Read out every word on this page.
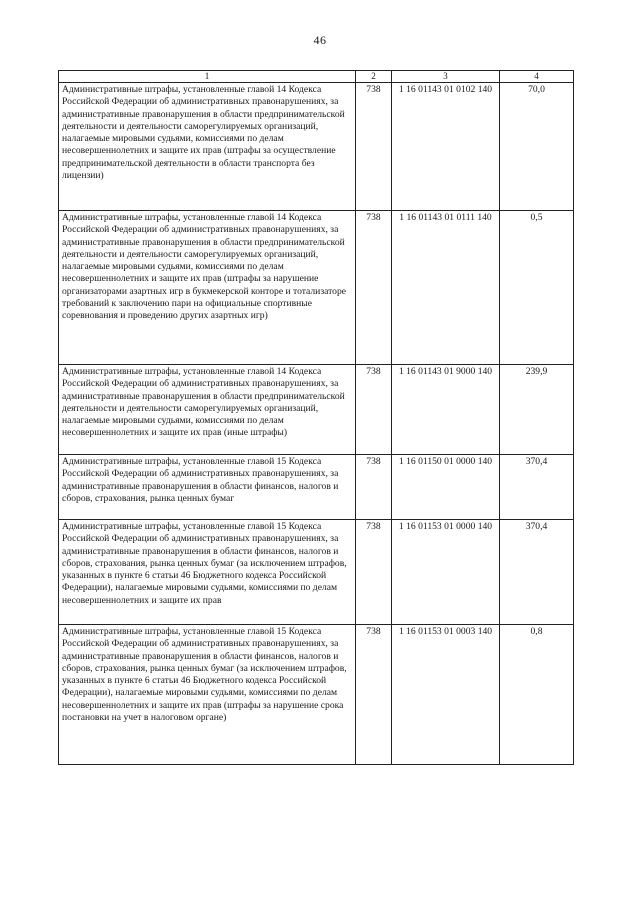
46
1	2	3	4
Административные штрафы, установленные главой 14 Кодекса Российской Федерации об административных правонарушениях, за административные правонарушения в области предпринимательской деятельности и деятельности саморегулируемых организаций, налагаемые мировыми судьями, комиссиями по делам несовершеннолетних и защите их прав (штрафы за осуществление предпринимательской деятельности в области транспорта без лицензии)	738	1 16 01143 01 0102 140	70,0
Административные штрафы, установленные главой 14 Кодекса Российской Федерации об административных правонарушениях, за административные правонарушения в области предпринимательской деятельности и деятельности саморегулируемых организаций, налагаемые мировыми судьями, комиссиями по делам несовершеннолетних и защите их прав (штрафы за нарушение организаторами азартных игр в букмекерской конторе и тотализаторе требований к заключению пари на официальные спортивные соревнования и проведению других азартных игр)	738	1 16 01143 01 0111 140	0,5
Административные штрафы, установленные главой 14 Кодекса Российской Федерации об административных правонарушениях, за административные правонарушения в области предпринимательской деятельности и деятельности саморегулируемых организаций, налагаемые мировыми судьями, комиссиями по делам несовершеннолетних и защите их прав (иные штрафы)	738	1 16 01143 01 9000 140	239,9
Административные штрафы, установленные главой 15 Кодекса Российской Федерации об административных правонарушениях, за административные правонарушения в области финансов, налогов и сборов, страхования, рынка ценных бумаг	738	1 16 01150 01 0000 140	370,4
Административные штрафы, установленные главой 15 Кодекса Российской Федерации об административных правонарушениях, за административные правонарушения в области финансов, налогов и сборов, страхования, рынка ценных бумаг (за исключением штрафов, указанных в пункте 6 статьи 46 Бюджетного кодекса Российской Федерации), налагаемые мировыми судьями, комиссиями по делам несовершеннолетних и защите их прав	738	1 16 01153 01 0000 140	370,4
Административные штрафы, установленные главой 15 Кодекса Российской Федерации об административных правонарушениях, за административные правонарушения в области финансов, налогов и сборов, страхования, рынка ценных бумаг (за исключением штрафов, указанных в пункте 6 статьи 46 Бюджетного кодекса Российской Федерации), налагаемые мировыми судьями, комиссиями по делам несовершеннолетних и защите их прав (штрафы за нарушение срока постановки на учет в налоговом органе)	738	1 16 01153 01 0003 140	0,8
